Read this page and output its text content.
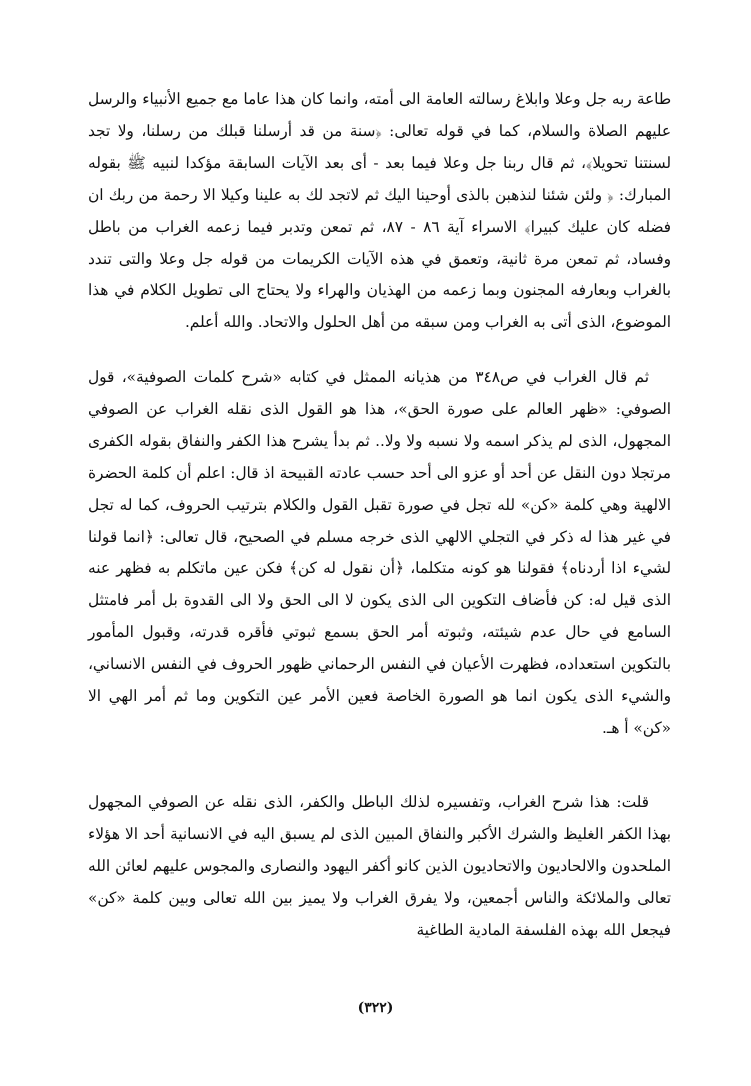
طاعة ربه جل وعلا وابلاغ رسالته العامة الى أمته، وانما كان هذا عاما مع جميع الأنبياء والرسل عليهم الصلاة والسلام، كما في قوله تعالى: ﴿سنة من قد أرسلنا قبلك من رسلنا، ولا تجد لسنتنا تحويلا﴾، ثم قال ربنا جل وعلا فيما بعد - أى بعد الآيات السابقة مؤكدا لنبيه ﷺ بقوله المبارك: ﴿ ولئن شئنا لنذهبن بالذى أوحينا اليك ثم لاتجد لك به علينا وكيلا الا رحمة من ربك ان فضله كان عليك كبيرا﴾ الاسراء آية ٨٦ - ٨٧، ثم تمعن وتدبر فيما زعمه الغراب من باطل وفساد، ثم تمعن مرة ثانية، وتعمق في هذه الآيات الكريمات من قوله جل وعلا والتى تندد بالغراب وبعارفه المجنون وبما زعمه من الهذيان والهراء ولا يحتاج الى تطويل الكلام في هذا الموضوع، الذى أتى به الغراب ومن سبقه من أهل الحلول والاتحاد. والله أعلم.

ثم قال الغراب في ص٣٤٨ من هذيانه الممثل في كتابه «شرح كلمات الصوفية»، قول الصوفي: «ظهر العالم على صورة الحق»، هذا هو القول الذى نقله الغراب عن الصوفي المجهول، الذى لم يذكر اسمه ولا نسبه ولا ولا.. ثم بدأ يشرح هذا الكفر والنفاق بقوله الكفرى مرتجلا دون النقل عن أحد أو عزو الى أحد حسب عادته القبيحة اذ قال: اعلم أن كلمة الحضرة الالهية وهي كلمة «كن» لله تجل في صورة تقبل القول والكلام بترتيب الحروف، كما له تجل في غير هذا له ذكر في التجلي الالهي الذى خرجه مسلم في الصحيح، قال تعالى: ﴿انما قولنا لشيء اذا أردناه﴾ فقولنا هو كونه متكلما، ﴿أن نقول له كن﴾ فكن عين ماتكلم به فظهر عنه الذى قيل له: كن فأضاف التكوين الى الذى يكون لا الى الحق ولا الى القدوة بل أمر فامتثل السامع في حال عدم شيئته، وثبوته أمر الحق بسمع ثبوتي فأقره قدرته، وقبول المأمور بالتكوين استعداده، فظهرت الأعيان في النفس الرحماني ظهور الحروف في النفس الانساني، والشيء الذى يكون انما هو الصورة الخاصة فعين الأمر عين التكوين وما ثم أمر الهي الا «كن» أ هـ.

قلت: هذا شرح الغراب، وتفسيره لذلك الباطل والكفر، الذى نقله عن الصوفي المجهول بهذا الكفر الغليظ والشرك الأكبر والنفاق المبين الذى لم يسبق اليه في الانسانية أحد الا هؤلاء الملحدون والالحاديون والاتحاديون الذين كانو أكفر اليهود والنصارى والمجوس عليهم لعائن الله تعالى والملائكة والناس أجمعين، ولا يفرق الغراب ولا يميز بين الله تعالى وبين كلمة «كن» فيجعل الله بهذه الفلسفة المادية الطاغية

(٣٢٢)
